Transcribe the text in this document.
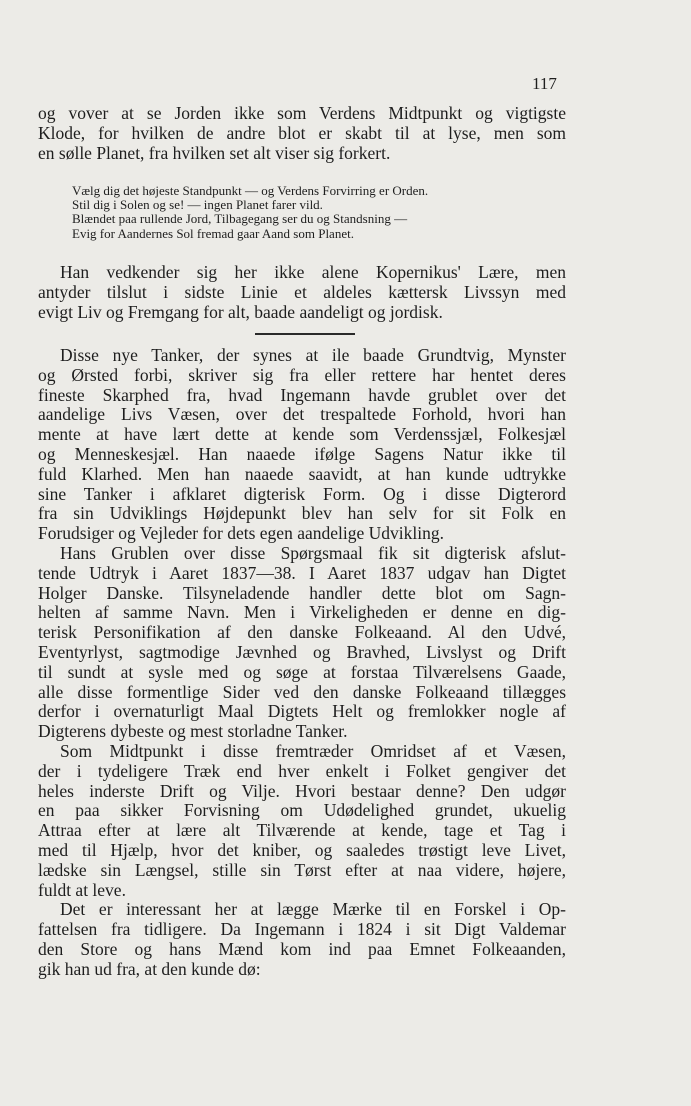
117
og vover at se Jorden ikke som Verdens Midtpunkt og vigtigste
Klode, for hvilken de andre blot er skabt til at lyse, men som
en sølle Planet, fra hvilken set alt viser sig forkert.
Vælg dig det højeste Standpunkt — og Verdens Forvirring er Orden.
Stil dig i Solen og se! — ingen Planet farer vild.
Blændet paa rullende Jord, Tilbagegang ser du og Standsning —
Evig for Aandernes Sol fremad gaar Aand som Planet.
Han vedkender sig her ikke alene Kopernikus' Lære, men
antyder tilslut i sidste Linie et aldeles kættersk Livssyn med
evigt Liv og Fremgang for alt, baade aandeligt og jordisk.
Disse nye Tanker, der synes at ile baade Grundtvig, Mynster
og Ørsted forbi, skriver sig fra eller rettere har hentet deres
fineste Skarphed fra, hvad Ingemann havde grublet over det
aandelige Livs Væsen, over det trespaltede Forhold, hvori han
mente at have lært dette at kende som Verdenssjæl, Folkesjæl
og Menneskesjæl. Han naaede ifølge Sagens Natur ikke til
fuld Klarhed. Men han naaede saavidt, at han kunde udtrykke
sine Tanker i afklaret digterisk Form. Og i disse Digterord
fra sin Udviklings Højdepunkt blev han selv for sit Folk en
Forudsiger og Vejleder for dets egen aandelige Udvikling.
Hans Grublen over disse Spørgsmaal fik sit digterisk afslut-
tende Udtryk i Aaret 1837—38. I Aaret 1837 udgav han Digtet
Holger Danske. Tilsyneladende handler dette blot om Sagn-
helten af samme Navn. Men i Virkeligheden er denne en dig-
terisk Personifikation af den danske Folkeaand. Al den Udvé,
Eventyrlyst, sagtmodige Jævnhed og Bravhed, Livslyst og Drift
til sundt at sysle med og søge at forstaa Tilværelsens Gaade,
alle disse formentlige Sider ved den danske Folkeaand tillægges
derfor i overnaturligt Maal Digtets Helt og fremlokker nogle af
Digterens dybeste og mest storladne Tanker.
Som Midtpunkt i disse fremtræder Omridset af et Væsen,
der i tydeligere Træk end hver enkelt i Folket gengiver det
heles inderste Drift og Vilje. Hvori bestaar denne? Den udgør
en paa sikker Forvisning om Udødelighed grundet, ukuelig
Attraa efter at lære alt Tilværende at kende, tage et Tag i
med til Hjælp, hvor det kniber, og saaledes trøstigt leve Livet,
lædske sin Længsel, stille sin Tørst efter at naa videre, højere,
fuldt at leve.
Det er interessant her at lægge Mærke til en Forskel i Op-
fattelsen fra tidligere. Da Ingemann i 1824 i sit Digt Valdemar
den Store og hans Mænd kom ind paa Emnet Folkeaanden,
gik han ud fra, at den kunde dø:
